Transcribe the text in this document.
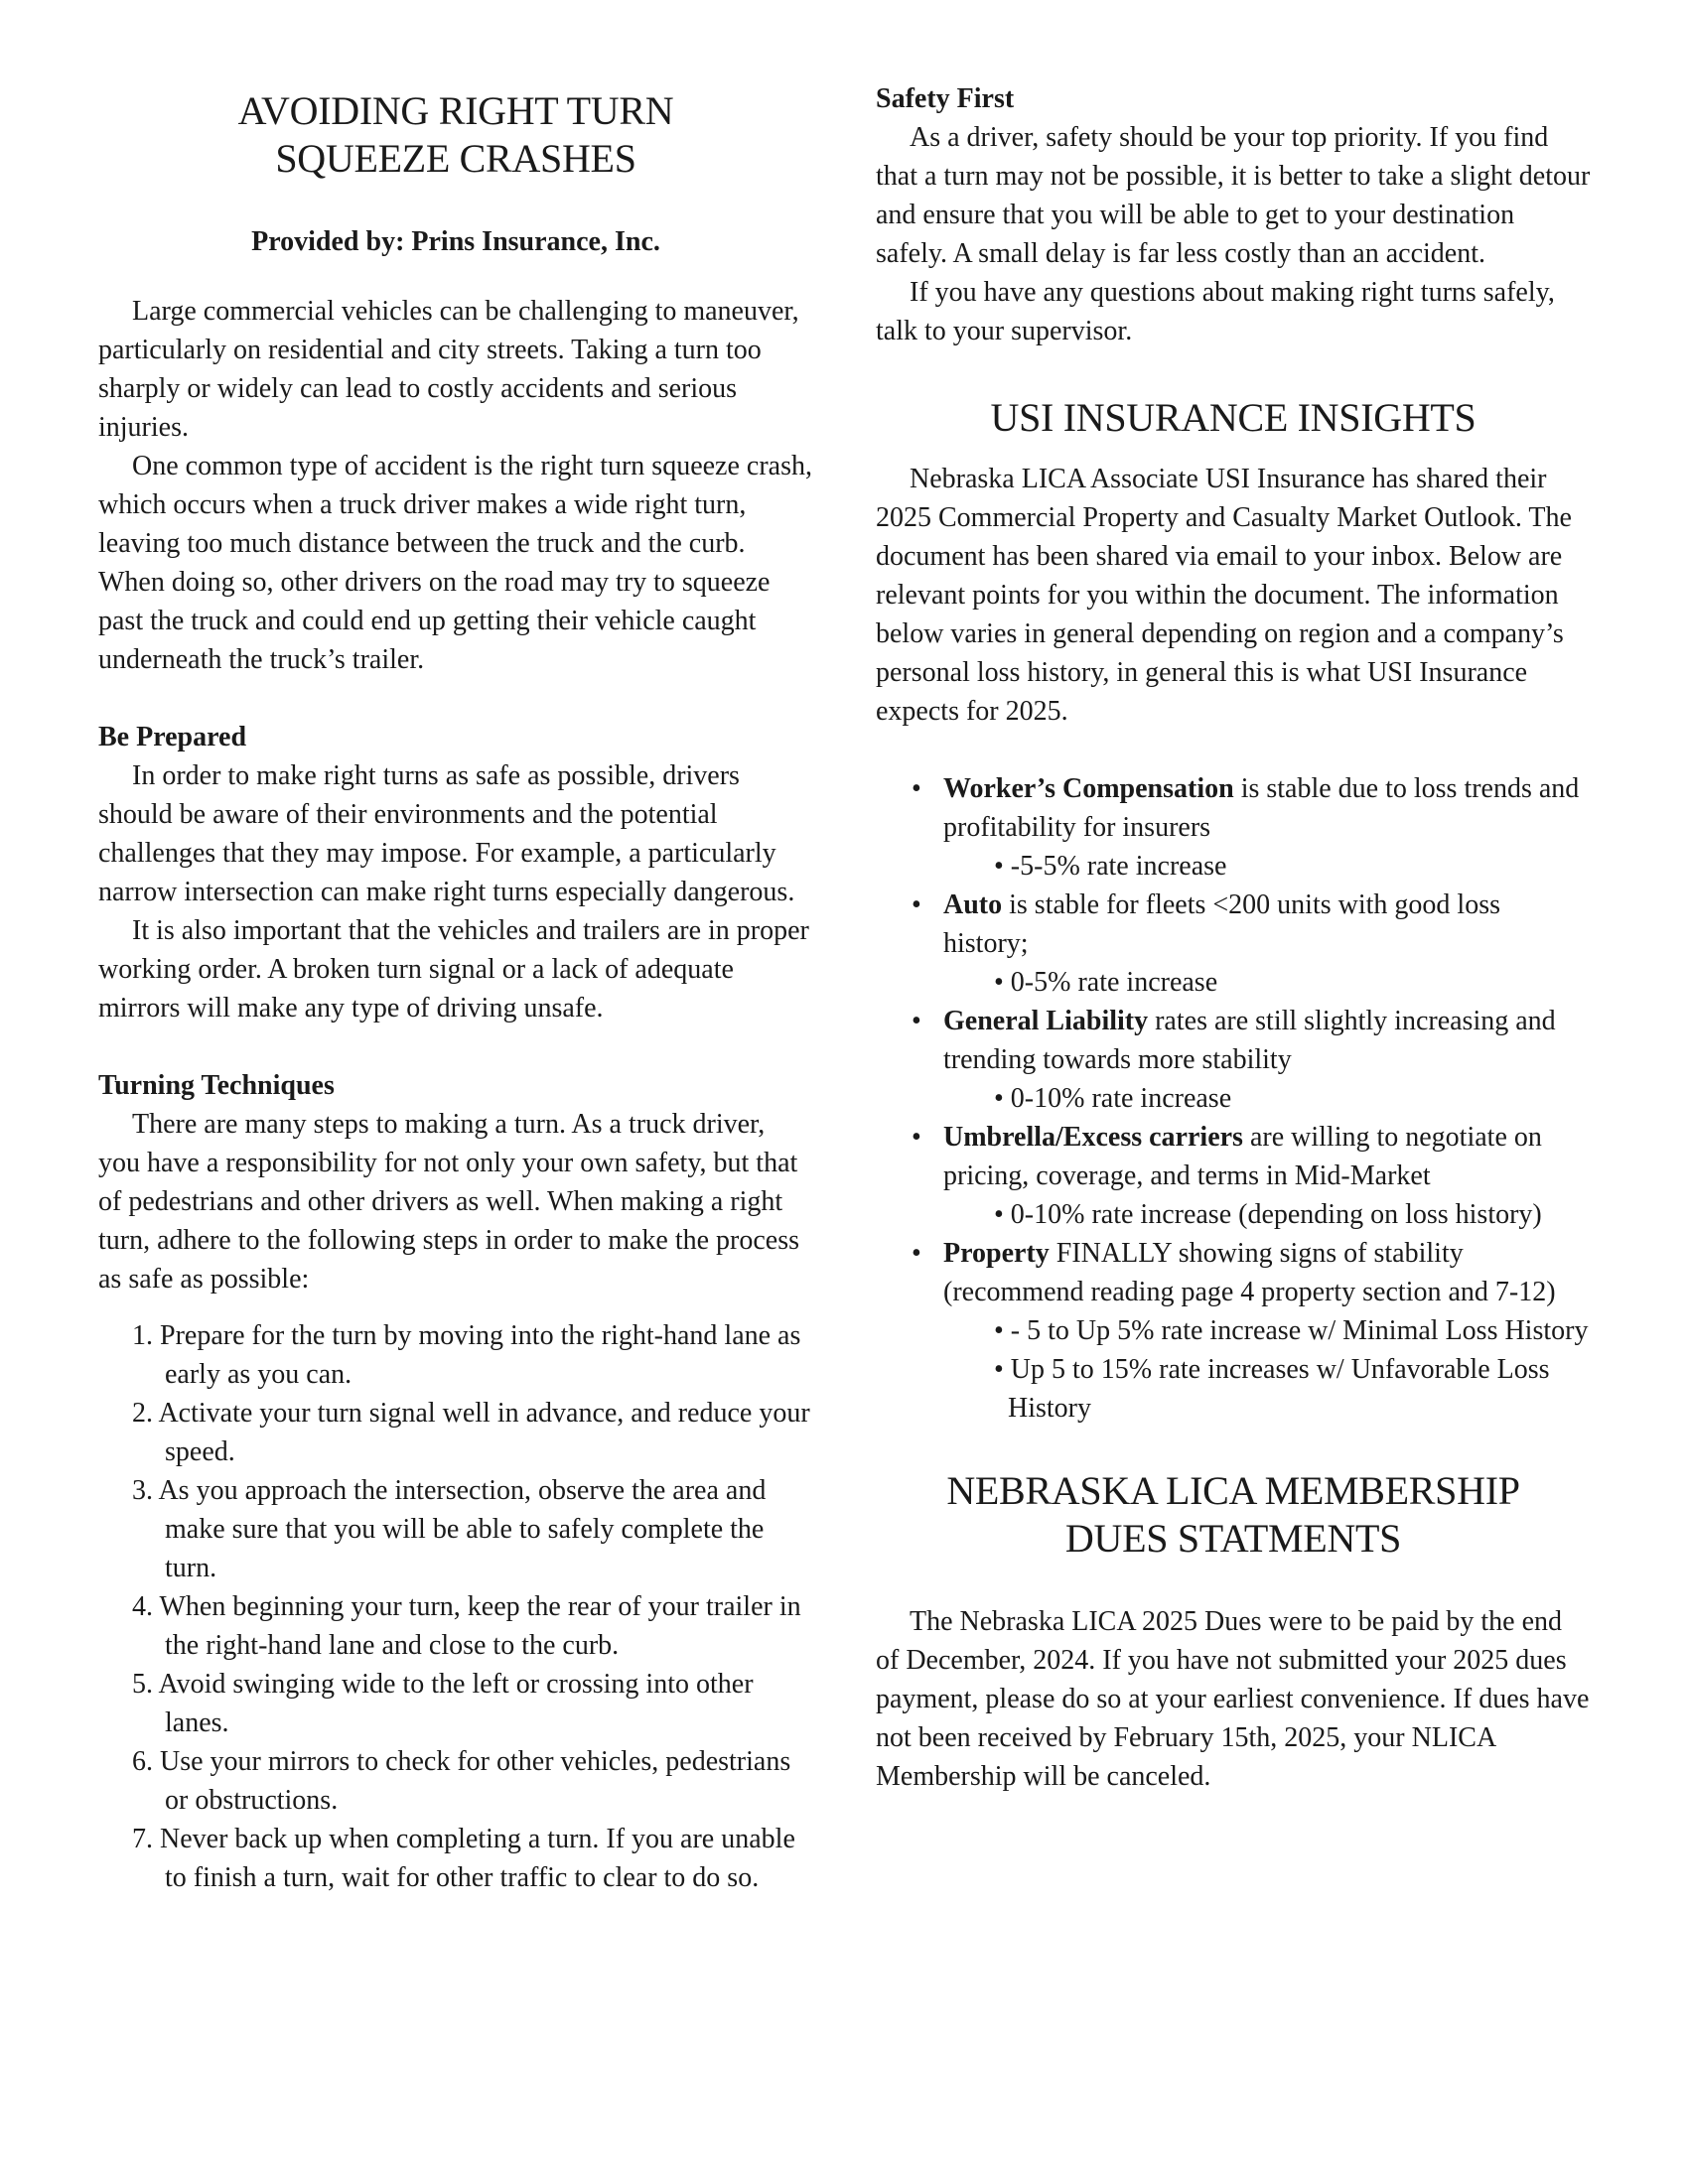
AVOIDING RIGHT TURN
SQUEEZE CRASHES
Provided by: Prins Insurance, Inc.

Large commercial vehicles can be challenging to maneuver, particularly on residential and city streets. Taking a turn too sharply or widely can lead to costly accidents and serious injuries.

One common type of accident is the right turn squeeze crash, which occurs when a truck driver makes a wide right turn, leaving too much distance between the truck and the curb. When doing so, other drivers on the road may try to squeeze past the truck and could end up getting their vehicle caught underneath the truck’s trailer.

Be Prepared

In order to make right turns as safe as possible, drivers should be aware of their environments and the potential challenges that they may impose. For example, a particularly narrow intersection can make right turns especially dangerous.

It is also important that the vehicles and trailers are in proper working order. A broken turn signal or a lack of adequate mirrors will make any type of driving unsafe.

Turning Techniques

There are many steps to making a turn. As a truck driver, you have a responsibility for not only your own safety, but that of pedestrians and other drivers as well. When making a right turn, adhere to the following steps in order to make the process as safe as possible:

1. Prepare for the turn by moving into the right-hand lane as early as you can.
2. Activate your turn signal well in advance, and reduce your speed.
3. As you approach the intersection, observe the area and make sure that you will be able to safely complete the turn.
4. When beginning your turn, keep the rear of your trailer in the right-hand lane and close to the curb.
5. Avoid swinging wide to the left or crossing into other lanes.
6. Use your mirrors to check for other vehicles, pedestrians or obstructions.
7. Never back up when completing a turn. If you are unable to finish a turn, wait for other traffic to clear to do so.
Safety First

As a driver, safety should be your top priority. If you find that a turn may not be possible, it is better to take a slight detour and ensure that you will be able to get to your destination safely. A small delay is far less costly than an accident.

If you have any questions about making right turns safely, talk to your supervisor.

USI INSURANCE INSIGHTS

Nebraska LICA Associate USI Insurance has shared their 2025 Commercial Property and Casualty Market Outlook. The document has been shared via email to your inbox. Below are relevant points for you within the document. The information below varies in general depending on region and a company’s personal loss history, in general this is what USI Insurance expects for 2025.

• Worker’s Compensation is stable due to loss trends and profitability for insurers
• -5-5% rate increase
• Auto is stable for fleets <200 units with good loss history;
• 0-5% rate increase
• General Liability rates are still slightly increasing and trending towards more stability
• 0-10% rate increase
• Umbrella/Excess carriers are willing to negotiate on pricing, coverage, and terms in Mid-Market
• 0-10% rate increase (depending on loss history)
• Property FINALLY showing signs of stability (recommend reading page 4 property section and 7-12)
• - 5 to Up 5% rate increase w/ Minimal Loss History
• Up 5 to 15% rate increases w/ Unfavorable Loss History
NEBRASKA LICA MEMBERSHIP
DUES STATMENTS

The Nebraska LICA 2025 Dues were to be paid by the end of December, 2024. If you have not submitted your 2025 dues payment, please do so at your earliest convenience. If dues have not been received by February 15th, 2025, your NLICA Membership will be canceled.
